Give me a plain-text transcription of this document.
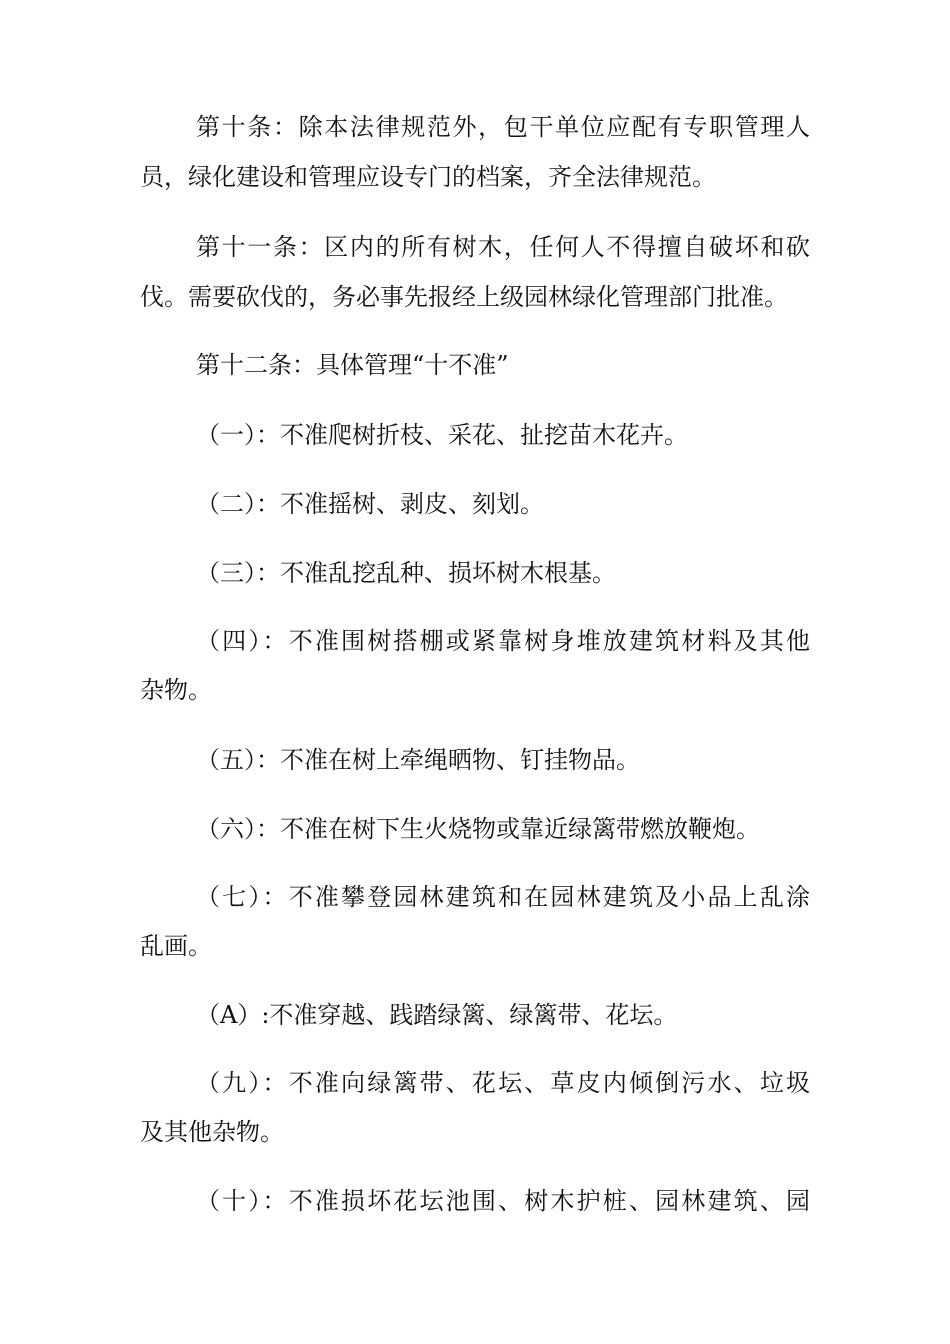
第十条：除本法律规范外，包干单位应配有专职管理人
员，绿化建设和管理应设专门的档案，齐全法律规范。
第十一条：区内的所有树木，任何人不得擅自破坏和砍
伐。需要砍伐的，务必事先报经上级园林绿化管理部门批准。
第十二条：具体管理“十不准”
（一）：不准爬树折枝、采花、扯挖苗木花卉。
（二）：不准摇树、剥皮、刻划。
（三）：不准乱挖乱种、损坏树木根基。
（四）：不准围树搭棚或紧靠树身堆放建筑材料及其他
杂物。
（五）：不准在树上牵绳晒物、钉挂物品。
（六）：不准在树下生火烧物或靠近绿篱带燃放鞭炮。
（七）：不准攀登园林建筑和在园林建筑及小品上乱涂
乱画。
（A）:不准穿越、践踏绿篱、绿篱带、花坛。
（九）：不准向绿篱带、花坛、草皮内倾倒污水、垃圾
及其他杂物。
（十）：不准损坏花坛池围、树木护桩、园林建筑、园
